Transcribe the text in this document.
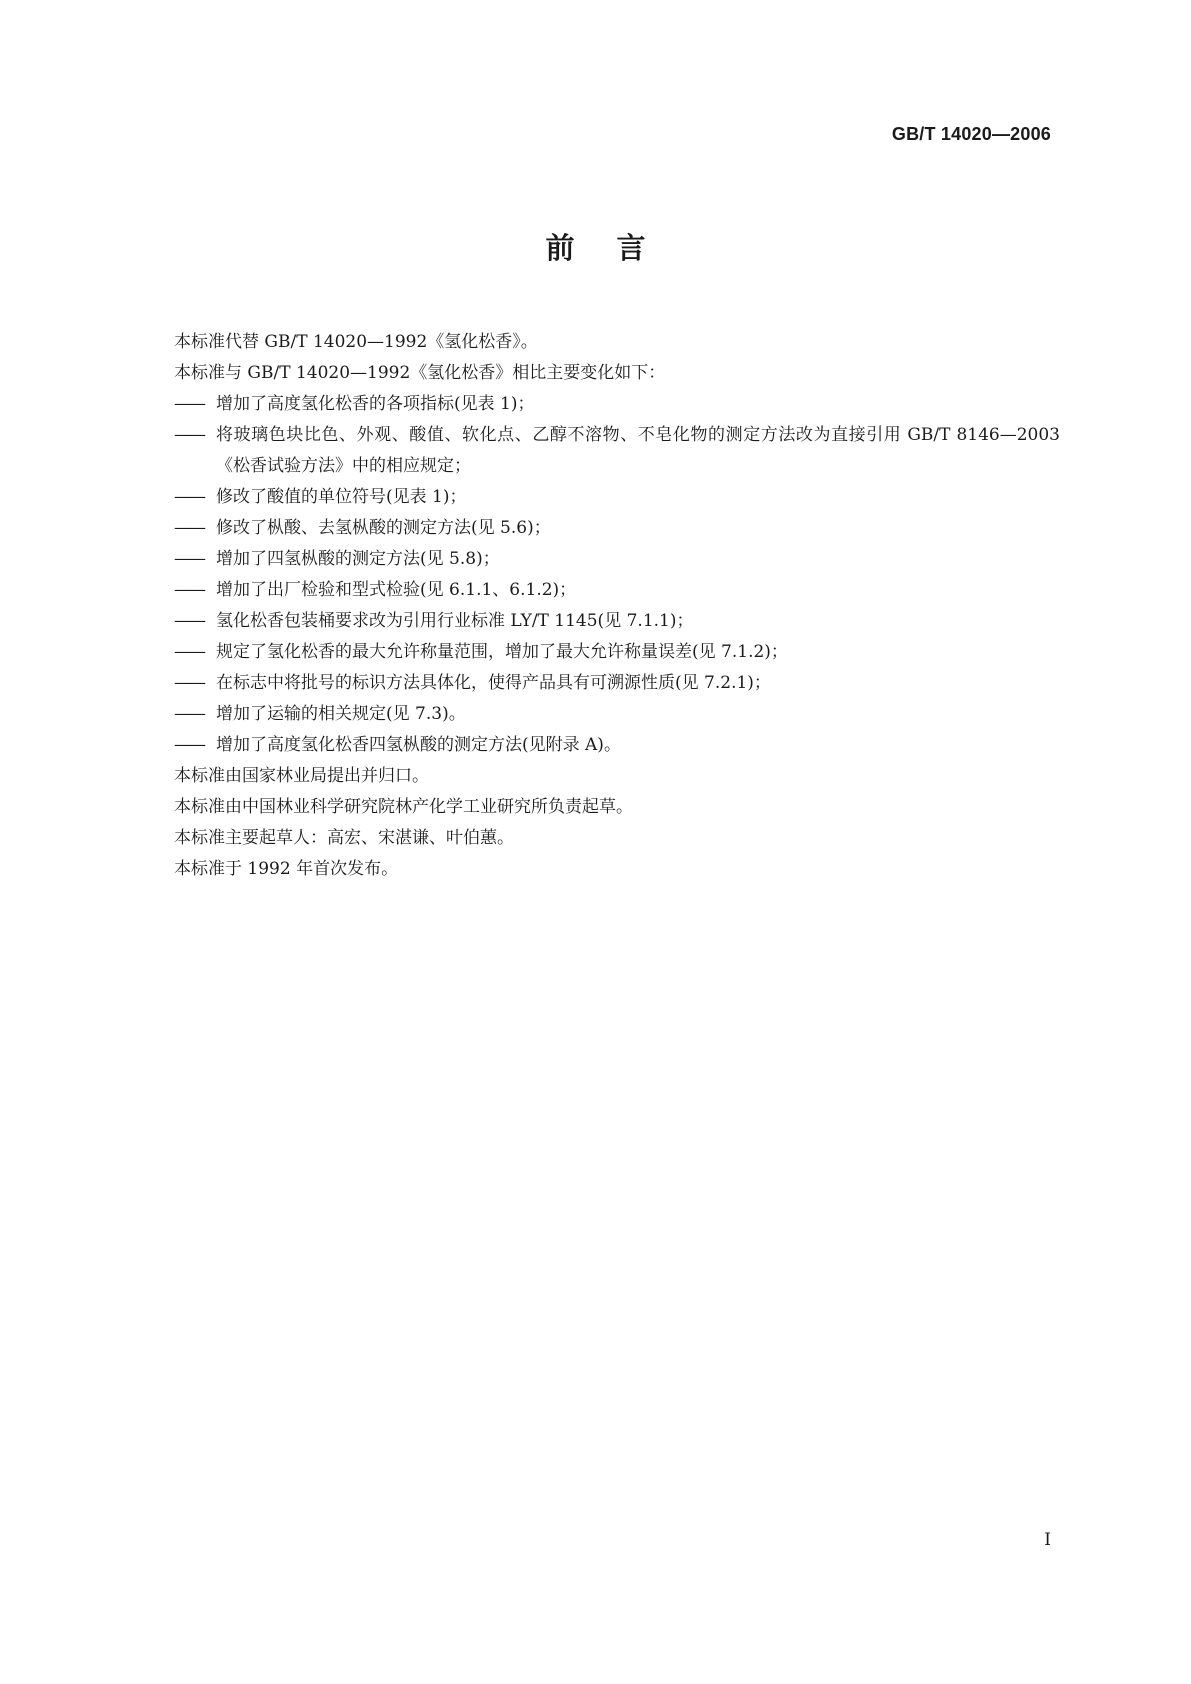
GB/T 14020—2006
前言
本标准代替 GB/T 14020—1992《氢化松香》。
本标准与 GB/T 14020—1992《氢化松香》相比主要变化如下：
—— 增加了高度氢化松香的各项指标(见表 1)；
—— 将玻璃色块比色、外观、酸值、软化点、乙醇不溶物、不皂化物的测定方法改为直接引用 GB/T 8146—2003《松香试验方法》中的相应规定；
—— 修改了酸值的单位符号(见表 1)；
—— 修改了枞酸、去氢枞酸的测定方法(见 5.6)；
—— 增加了四氢枞酸的测定方法(见 5.8)；
—— 增加了出厂检验和型式检验(见 6.1.1、6.1.2)；
—— 氢化松香包装桶要求改为引用行业标准 LY/T 1145(见 7.1.1)；
—— 规定了氢化松香的最大允许称量范围，增加了最大允许称量误差(见 7.1.2)；
—— 在标志中将批号的标识方法具体化，使得产品具有可溯源性质(见 7.2.1)；
—— 增加了运输的相关规定(见 7.3)。
—— 增加了高度氢化松香四氢枞酸的测定方法(见附录 A)。
本标准由国家林业局提出并归口。
本标准由中国林业科学研究院林产化学工业研究所负责起草。
本标准主要起草人：高宏、宋湛谦、叶伯蕙。
本标准于 1992 年首次发布。
I
